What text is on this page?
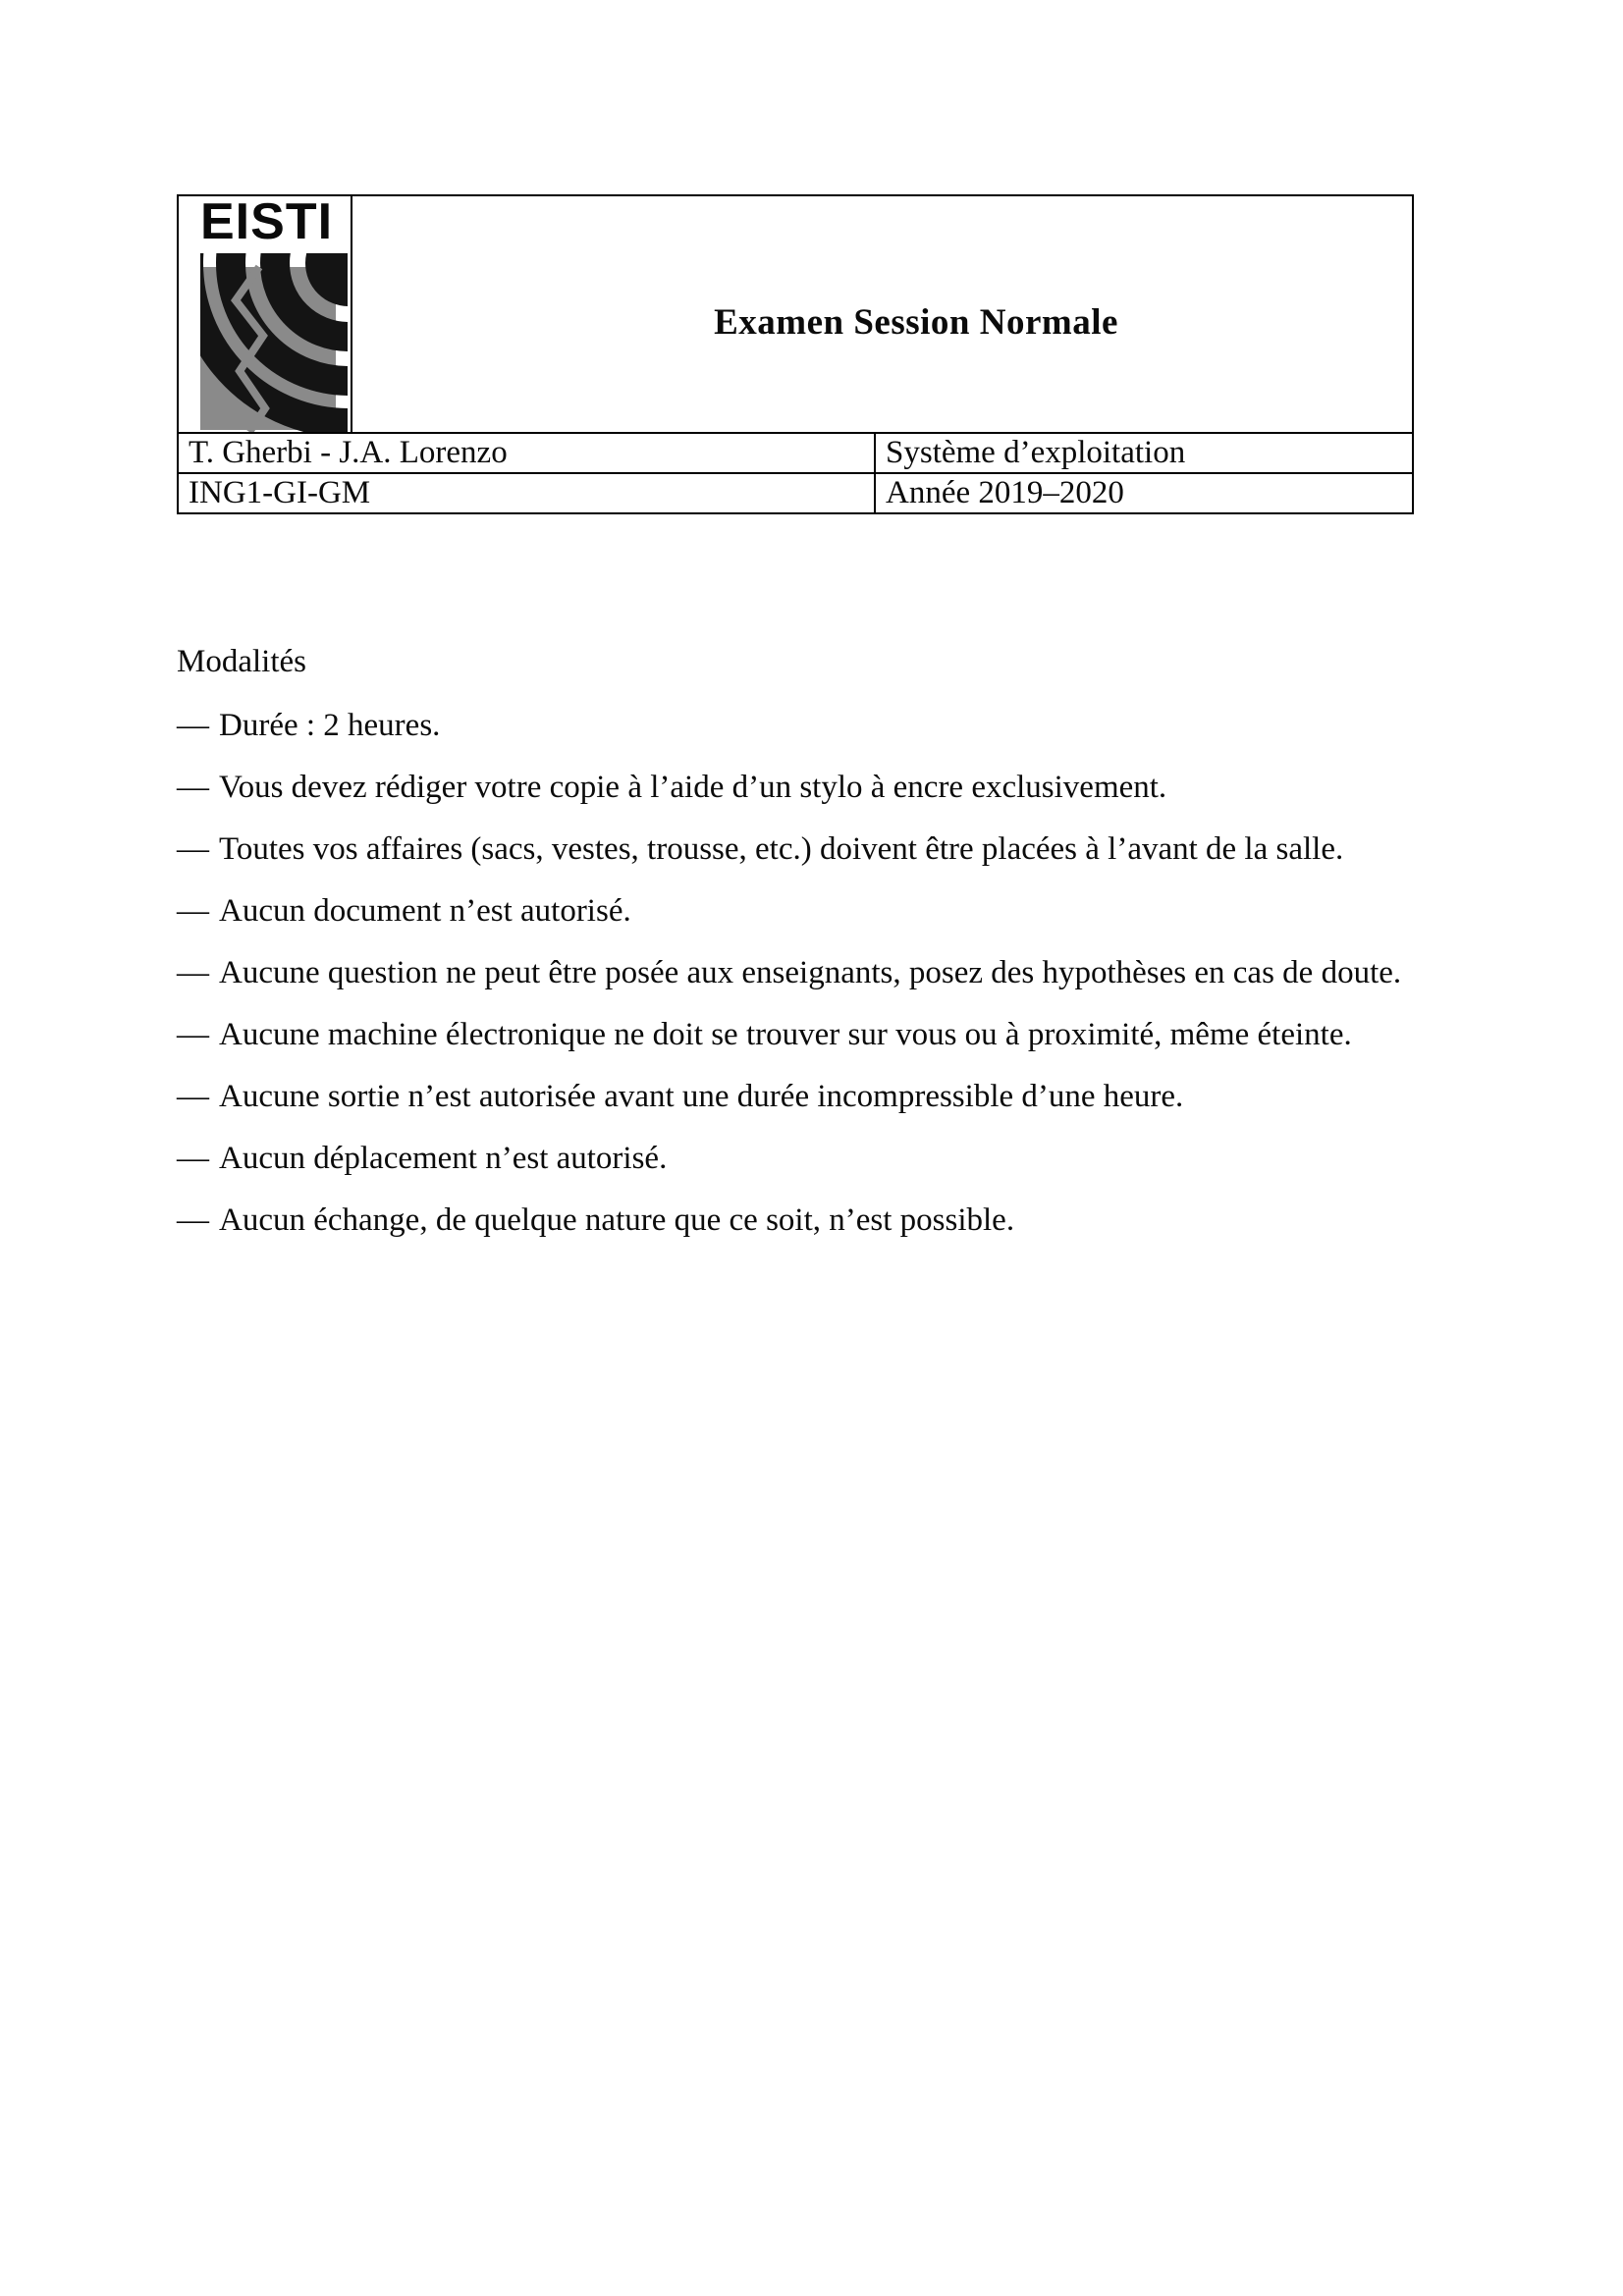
EISTI
	Examen Session Normale
T. Gherbi - J.A. Lorenzo	Système d’exploitation
ING1-GI-GM	Année 2019–2020
Modalités
— Durée : 2 heures.
— Vous devez rédiger votre copie à l’aide d’un stylo à encre exclusivement.
— Toutes vos affaires (sacs, vestes, trousse, etc.) doivent être placées à l’avant de la salle.
— Aucun document n’est autorisé.
— Aucune question ne peut être posée aux enseignants, posez des hypothèses en cas de doute.
— Aucune machine électronique ne doit se trouver sur vous ou à proximité, même éteinte.
— Aucune sortie n’est autorisée avant une durée incompressible d’une heure.
— Aucun déplacement n’est autorisé.
— Aucun échange, de quelque nature que ce soit, n’est possible.
